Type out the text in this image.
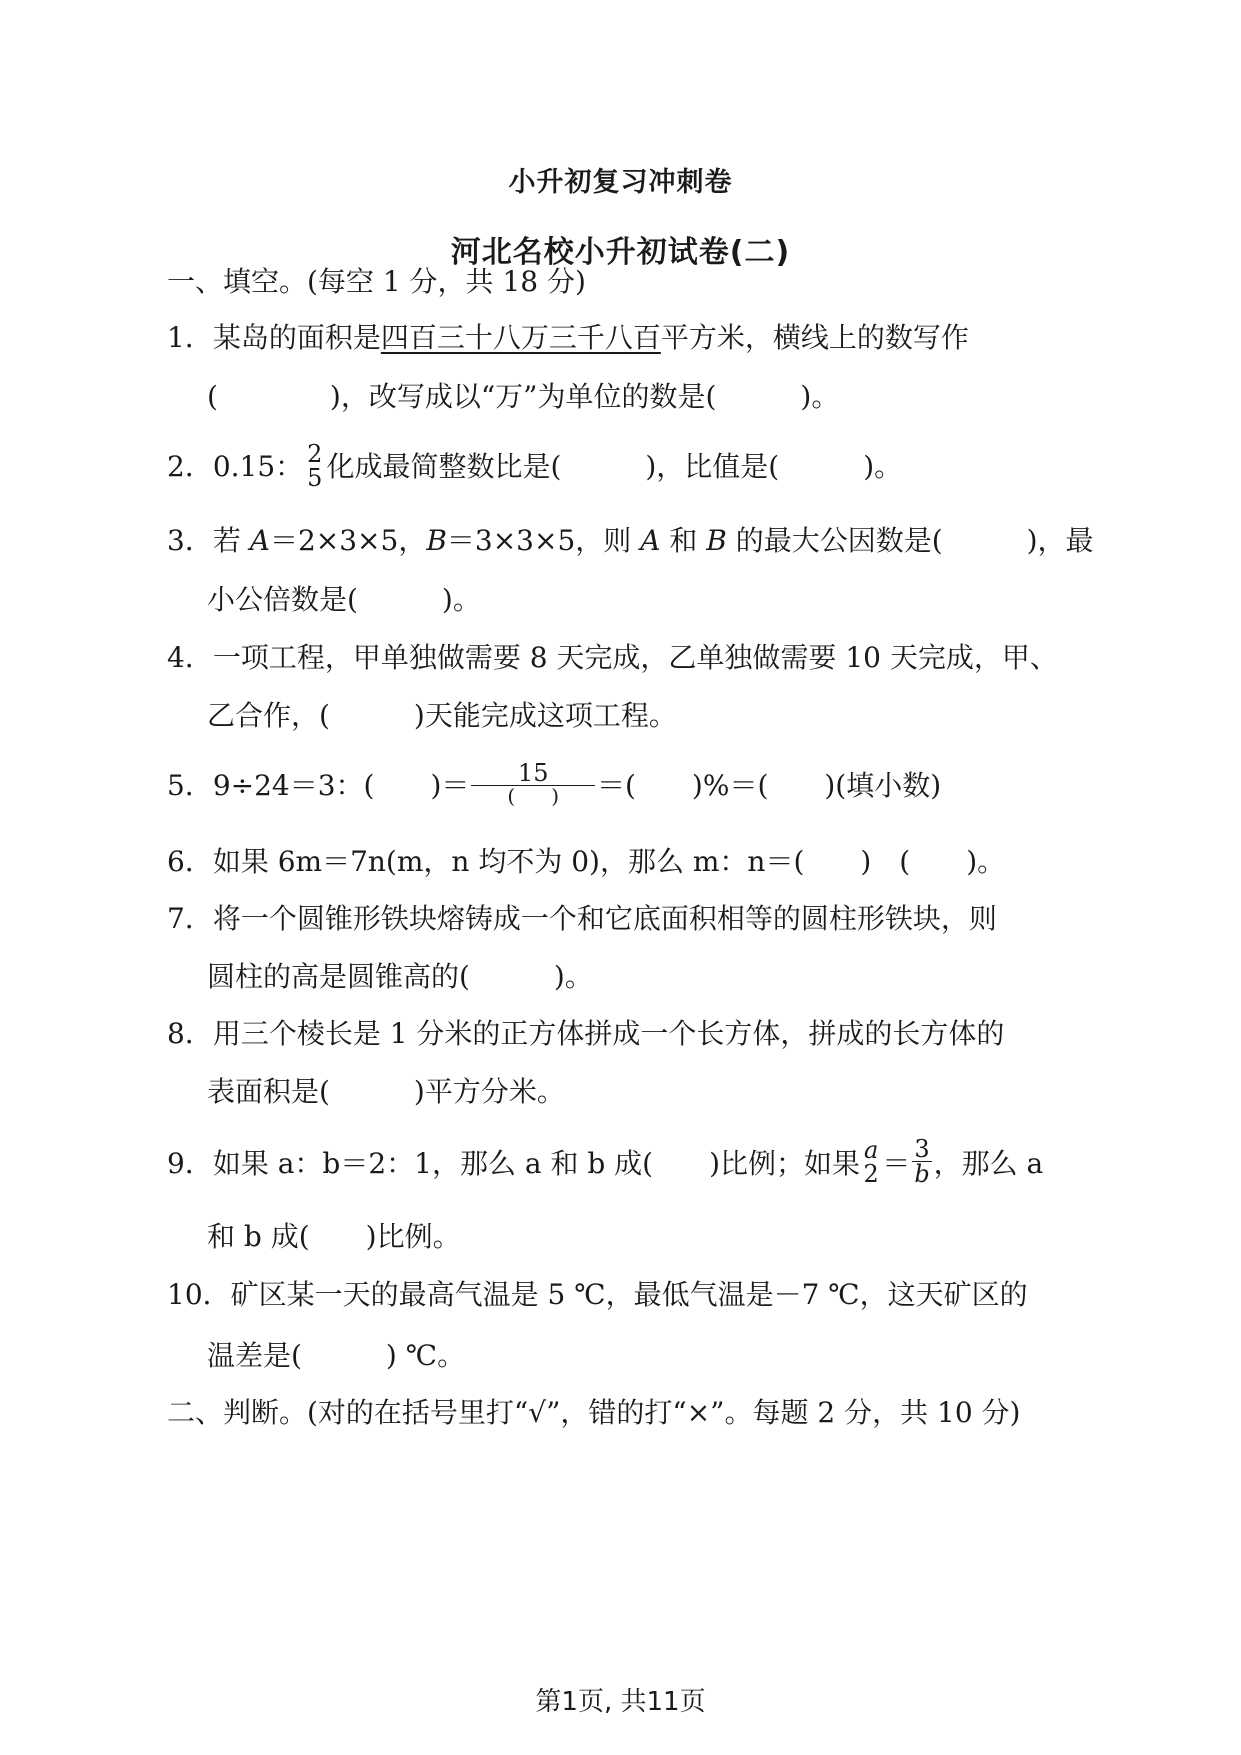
小升初复习冲刺卷
河北名校小升初试卷(二)
一、填空。(每空 1 分，共 18 分)
1．某岛的面积是四百三十八万三千八百平方米，横线上的数写作
(　　　　)，改写成以“万”为单位的数是(　　　)。
2．0.15： 2
5 化成最简整数比是(　　　)，比值是(　　　)。
3．若 A＝2×3×5，B＝3×3×5，则 A 和 B 的最大公因数是(　　　)，最
小公倍数是(　　　)。
4．一项工程，甲单独做需要 8 天完成，乙单独做需要 10 天完成，甲、
乙合作，(　　　)天能完成这项工程。
5．9÷24＝3：(　　)＝ $\frac{15}{()}$ ＝(　　)%＝(　　)(填小数)
6．如果 6m＝7n(m，n 均不为 0)，那么 m：n＝(　　)　(　　)。
7．将一个圆锥形铁块熔铸成一个和它底面积相等的圆柱形铁块，则
圆柱的高是圆锥高的(　　　)。
8．用三个棱长是 1 分米的正方体拼成一个长方体，拼成的长方体的
表面积是(　　　)平方分米。
9．如果 a：b＝2：1，那么 a 和 b 成(　　)比例；如果 a
$2 = \frac{3}{b}$ ，那么 a
和 b 成(　　)比例。
10．矿区某一天的最高气温是 5 ℃，最低气温是－7 ℃，这天矿区的
温差是(　　　) ℃。
二、判断。(对的在括号里打“√”，错的打“×”。每题 2 分，共 10 分)
第1页, 共11页
